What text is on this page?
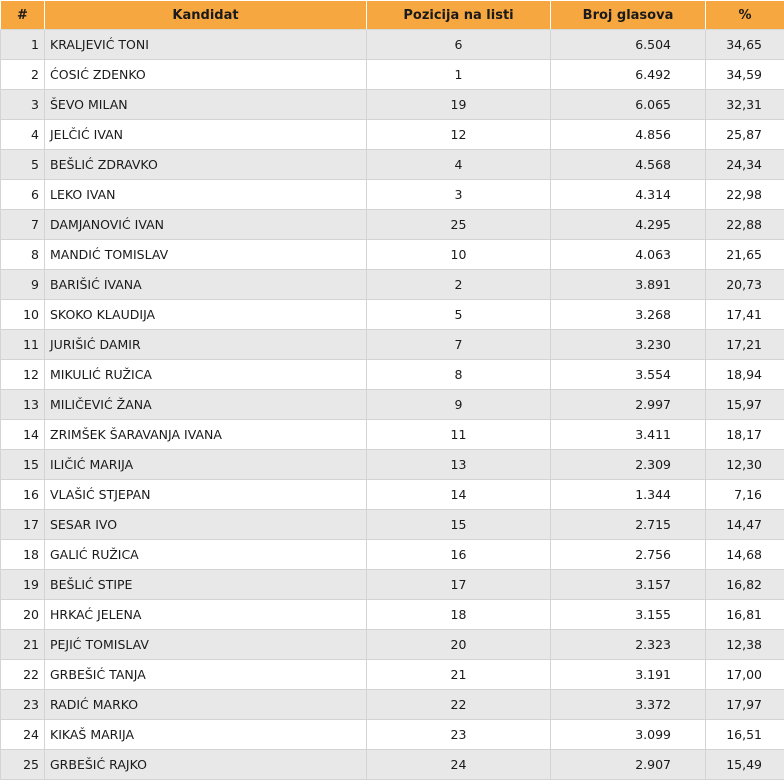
#	Kandidat	Pozicija na listi	Broj glasova	%
1	KRALJEVIĆ TONI	6	6.504	34,65
2	ĆOSIĆ ZDENKO	1	6.492	34,59
3	ŠEVO MILAN	19	6.065	32,31
4	JELČIĆ IVAN	12	4.856	25,87
5	BEŠLIĆ ZDRAVKO	4	4.568	24,34
6	LEKO IVAN	3	4.314	22,98
7	DAMJANOVIĆ IVAN	25	4.295	22,88
8	MANDIĆ TOMISLAV	10	4.063	21,65
9	BARIŠIĆ IVANA	2	3.891	20,73
10	SKOKO KLAUDIJA	5	3.268	17,41
11	JURIŠIĆ DAMIR	7	3.230	17,21
12	MIKULIĆ RUŽICA	8	3.554	18,94
13	MILIČEVIĆ ŽANA	9	2.997	15,97
14	ZRIMŠEK ŠARAVANJA IVANA	11	3.411	18,17
15	ILIČIĆ MARIJA	13	2.309	12,30
16	VLAŠIĆ STJEPAN	14	1.344	7,16
17	SESAR IVO	15	2.715	14,47
18	GALIĆ RUŽICA	16	2.756	14,68
19	BEŠLIĆ STIPE	17	3.157	16,82
20	HRKAĆ JELENA	18	3.155	16,81
21	PEJIĆ TOMISLAV	20	2.323	12,38
22	GRBEŠIĆ TANJA	21	3.191	17,00
23	RADIĆ MARKO	22	3.372	17,97
24	KIKAŠ MARIJA	23	3.099	16,51
25	GRBEŠIĆ RAJKO	24	2.907	15,49
